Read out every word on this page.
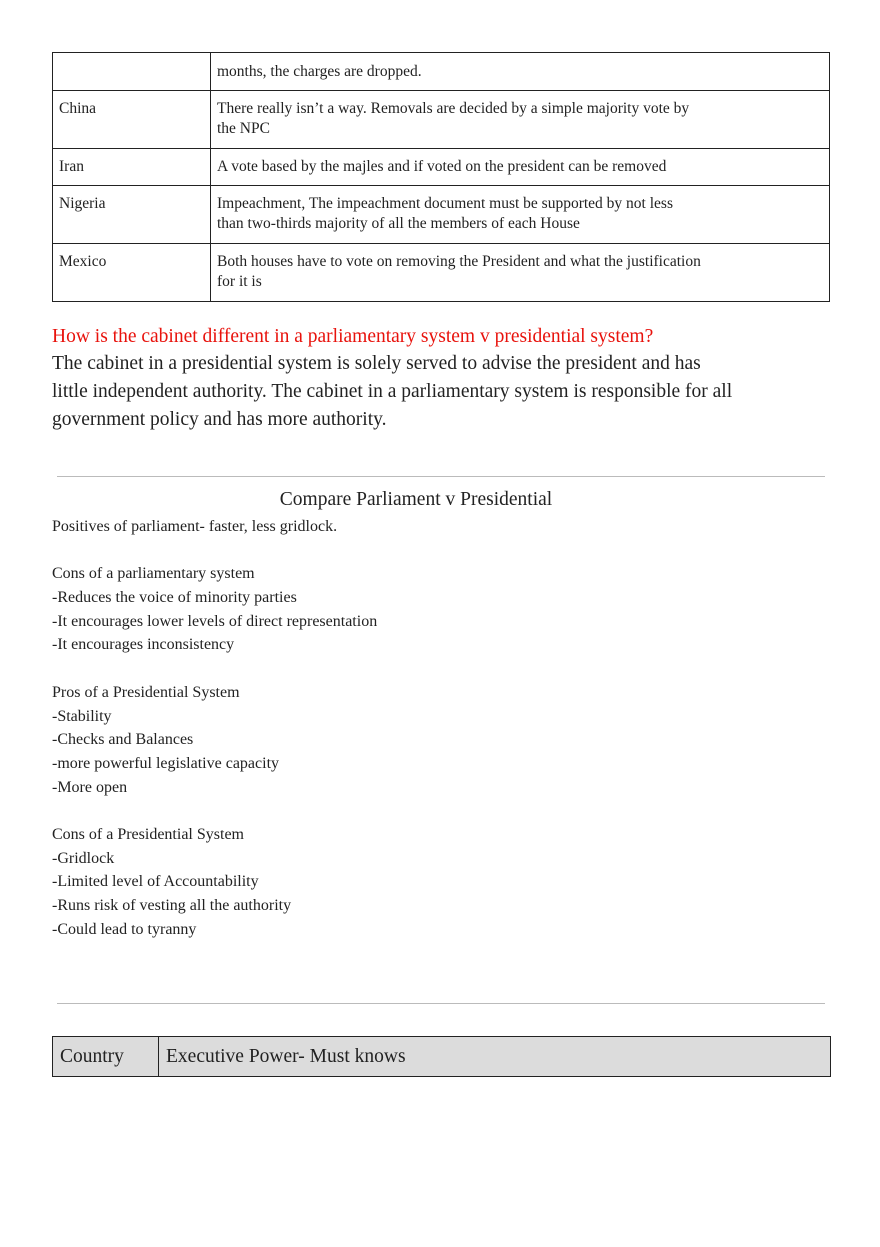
	months, the charges are dropped.

China	There really isn’t a way. Removals are decided by a simple majority vote by
the NPC

Iran	A vote based by the majles and if voted on the president can be removed

Nigeria	Impeachment, The impeachment document must be supported by not less
than two-thirds majority of all the members of each House

Mexico	Both houses have to vote on removing the President and what the justification
for it is
How is the cabinet different in a parliamentary system v presidential system?
The cabinet in a presidential system is solely served to advise the president and has
little independent authority. The cabinet in a parliamentary system is responsible for all
government policy and has more authority.
Compare Parliament v Presidential
Positives of parliament- faster, less gridlock.
Cons of a parliamentary system
-Reduces the voice of minority parties
-It encourages lower levels of direct representation
-It encourages inconsistency
Pros of a Presidential System
-Stability
-Checks and Balances
-more powerful legislative capacity
-More open
Cons of a Presidential System
-Gridlock
-Limited level of Accountability
-Runs risk of vesting all the authority
-Could lead to tyranny
Country	Executive Power- Must knows
